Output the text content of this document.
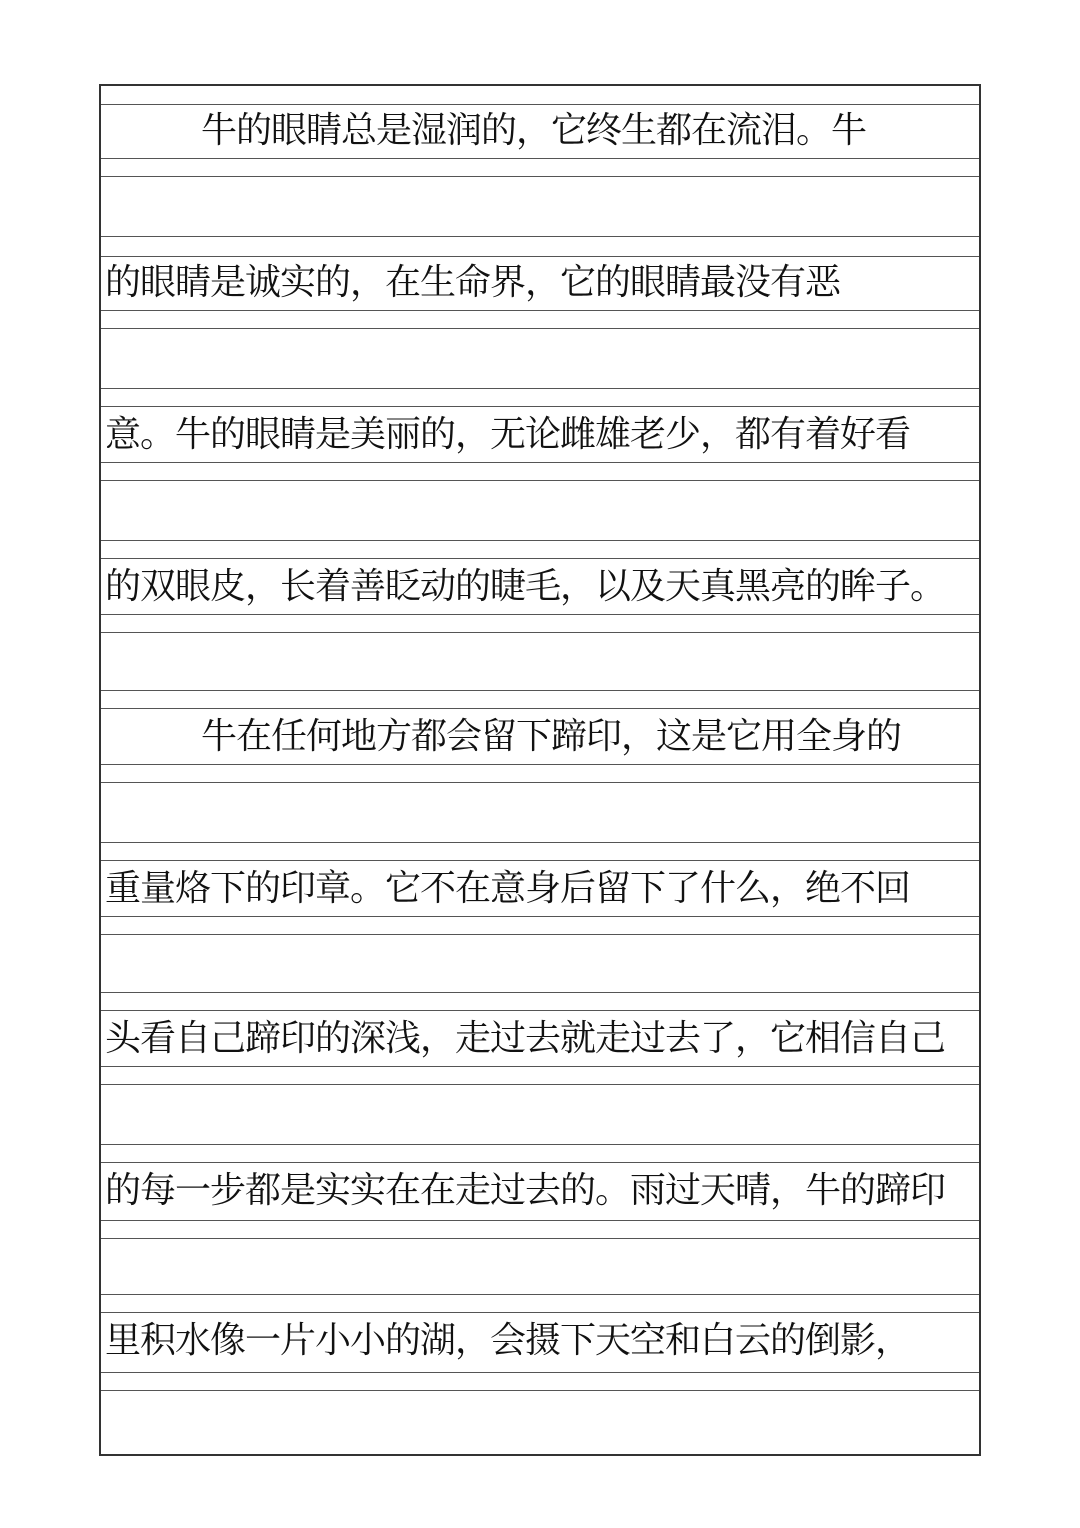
牛的眼睛总是湿润的，它终生都在流泪。牛
的眼睛是诚实的，在生命界，它的眼睛最没有恶
意。牛的眼睛是美丽的，无论雌雄老少，都有着好看
的双眼皮，长着善眨动的睫毛，以及天真黑亮的眸子。
牛在任何地方都会留下蹄印，这是它用全身的
重量烙下的印章。它不在意身后留下了什么，绝不回
头看自己蹄印的深浅，走过去就走过去了，它相信自己
的每一步都是实实在在走过去的。雨过天晴，牛的蹄印
里积水像一片小小的湖，会摄下天空和白云的倒影，
